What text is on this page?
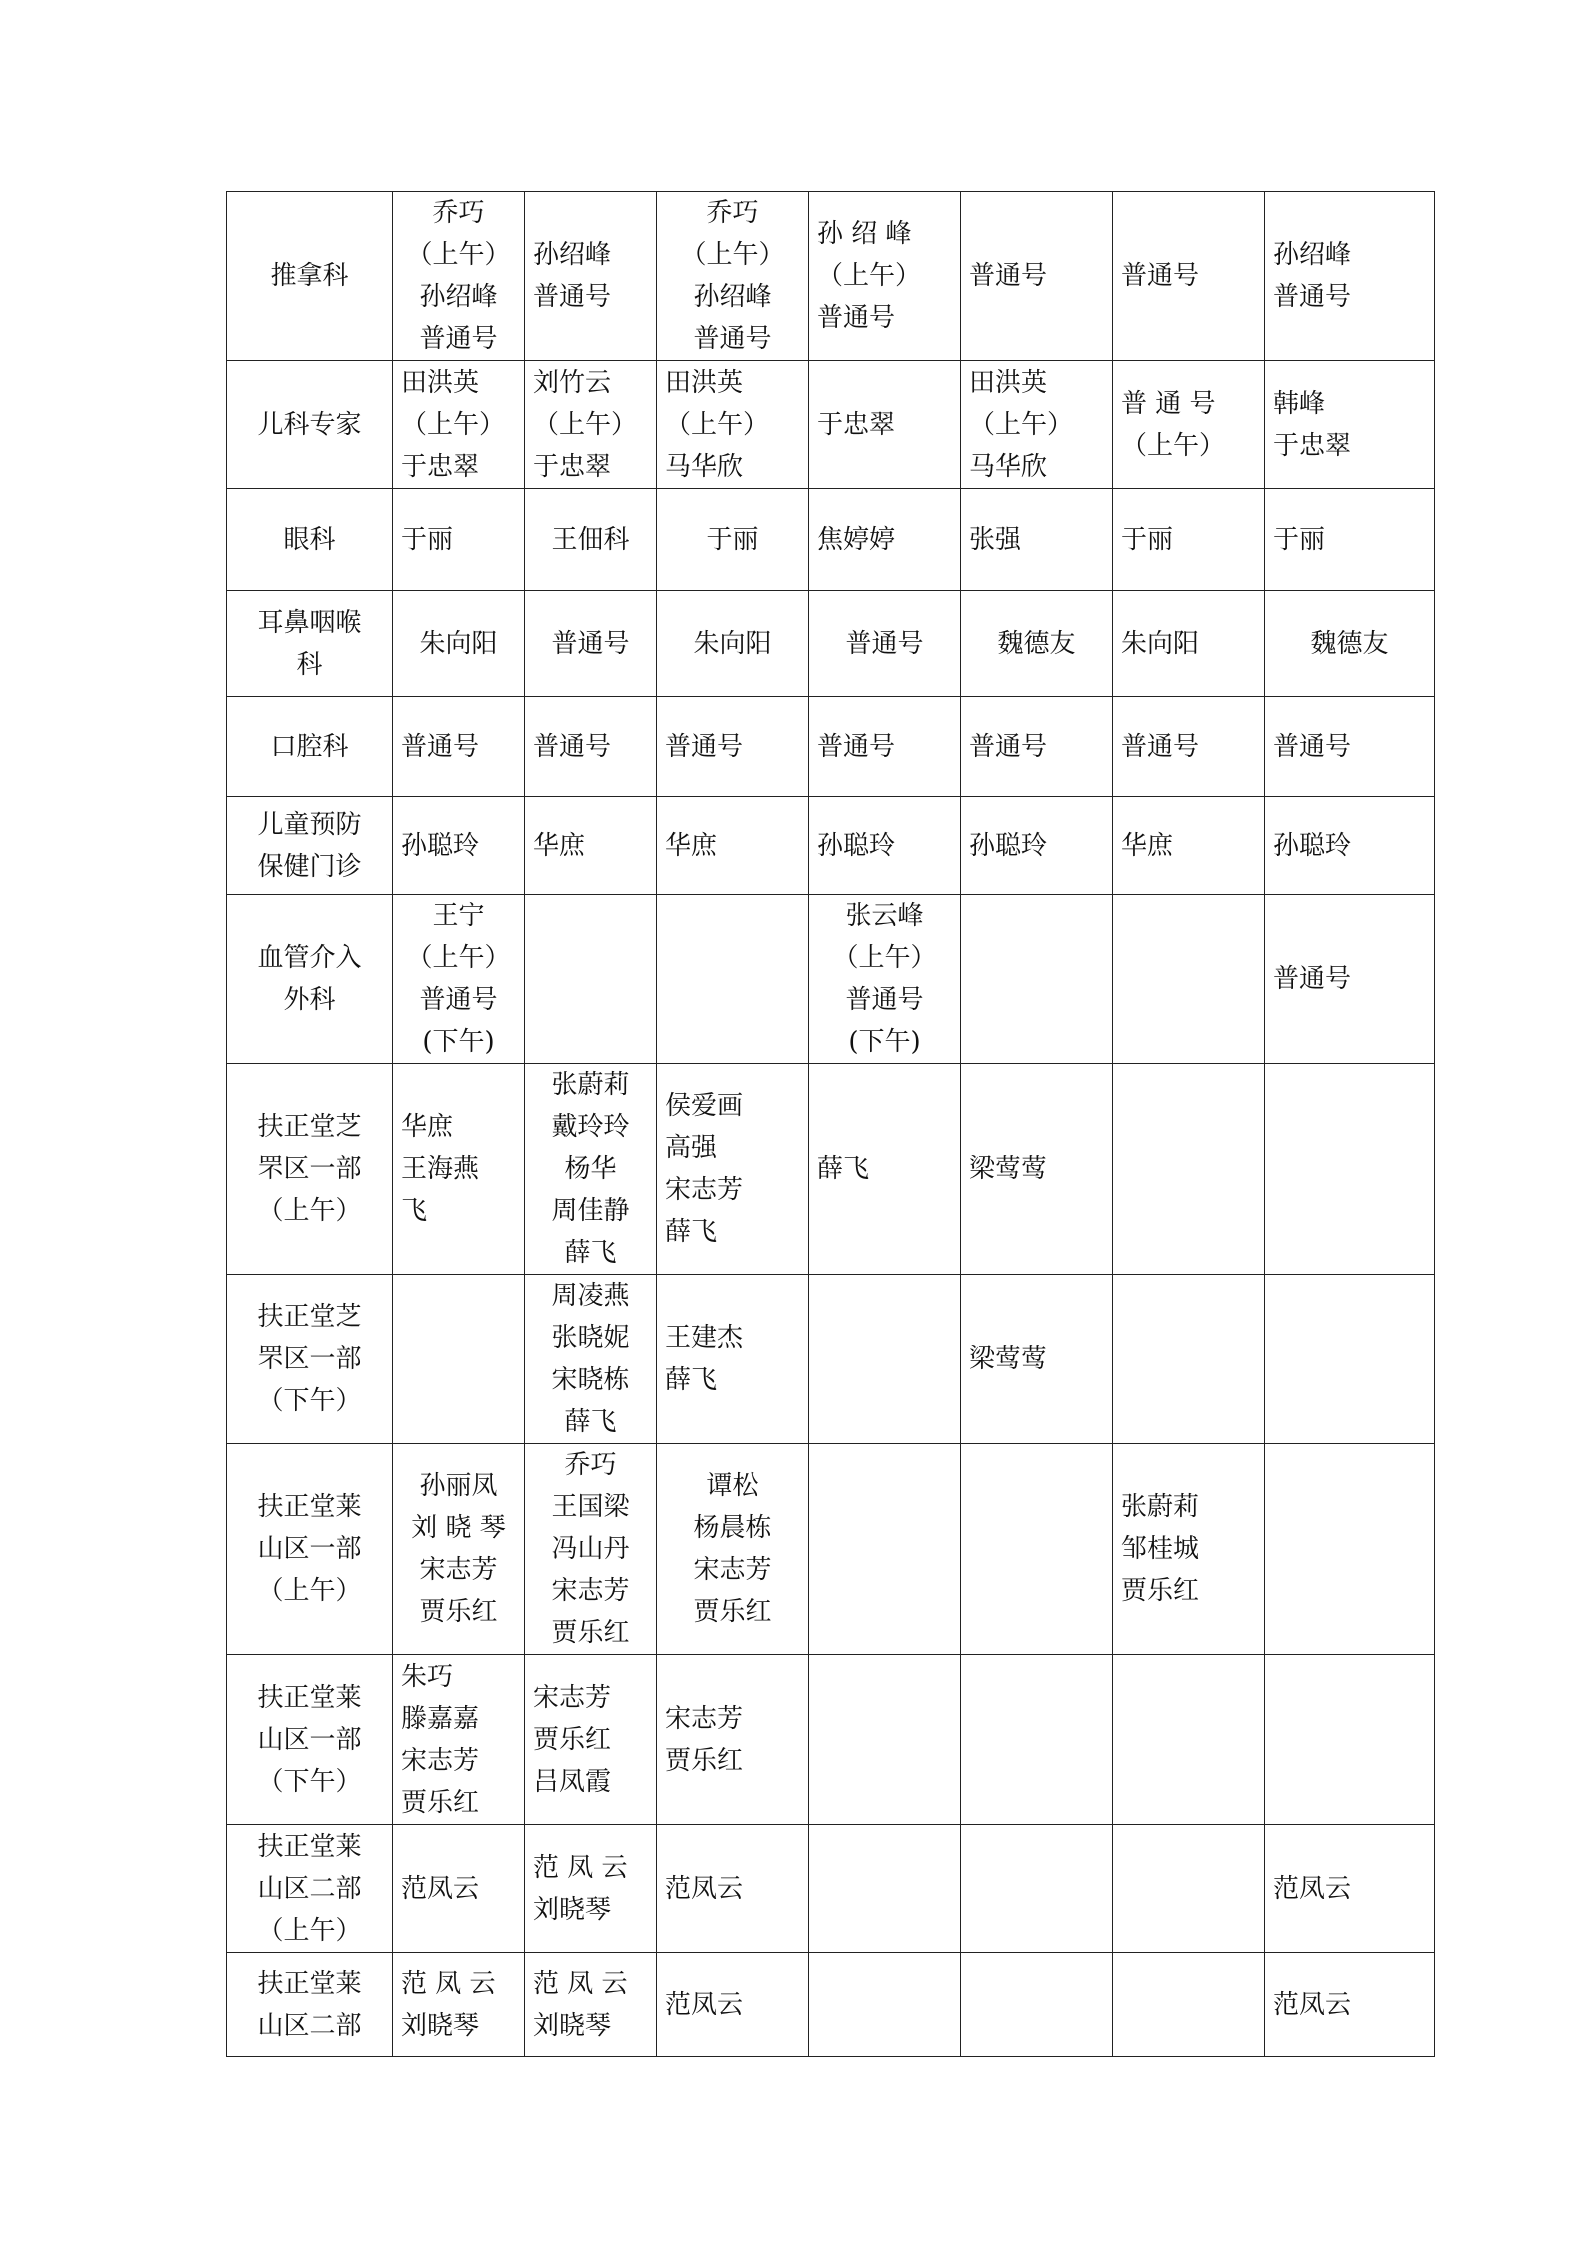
推拿科	乔巧
（上午）
孙绍峰
普通号	孙绍峰
普通号	乔巧
（上午）
孙绍峰
普通号	孙 绍 峰
（上午）
普通号	普通号	普通号	孙绍峰
普通号

儿科专家	田洪英
（上午）
于忠翠	刘竹云
（上午）
于忠翠	田洪英
（上午）
马华欣	于忠翠	田洪英
（上午）
马华欣	普 通 号
（上午）	韩峰
于忠翠

眼科	于丽	王佃科	于丽	焦婷婷	张强	于丽	于丽

耳鼻咽喉
科	朱向阳	普通号	朱向阳	普通号	魏德友	朱向阳	魏德友

口腔科	普通号	普通号	普通号	普通号	普通号	普通号	普通号

儿童预防
保健门诊	孙聪玲	华庶	华庶	孙聪玲	孙聪玲	华庶	孙聪玲

血管介入
外科	王宁
（上午）
普通号
(下午)			张云峰
（上午）
普通号
(下午)			普通号

扶正堂芝
罘区一部
（上午）	华庶
王海燕
飞	张蔚莉
戴玲玲
杨华
周佳静
薛飞	侯爱画
高强
宋志芳
薛飞	薛飞	梁莺莺		

扶正堂芝
罘区一部
（下午）		周凌燕
张晓妮
宋晓栋
薛飞	王建杰
薛飞		梁莺莺		

扶正堂莱
山区一部
（上午）	孙丽凤
刘 晓 琴
宋志芳
贾乐红	乔巧
王国梁
冯山丹
宋志芳
贾乐红	谭松
杨晨栋
宋志芳
贾乐红			张蔚莉
邹桂城
贾乐红	

扶正堂莱
山区一部
（下午）	朱巧
滕嘉嘉
宋志芳
贾乐红	宋志芳
贾乐红
吕凤霞	宋志芳
贾乐红				

扶正堂莱
山区二部
（上午）	范凤云	范 凤 云
刘晓琴	范凤云				范凤云

扶正堂莱
山区二部	范 凤 云
刘晓琴	范 凤 云
刘晓琴	范凤云				范凤云
